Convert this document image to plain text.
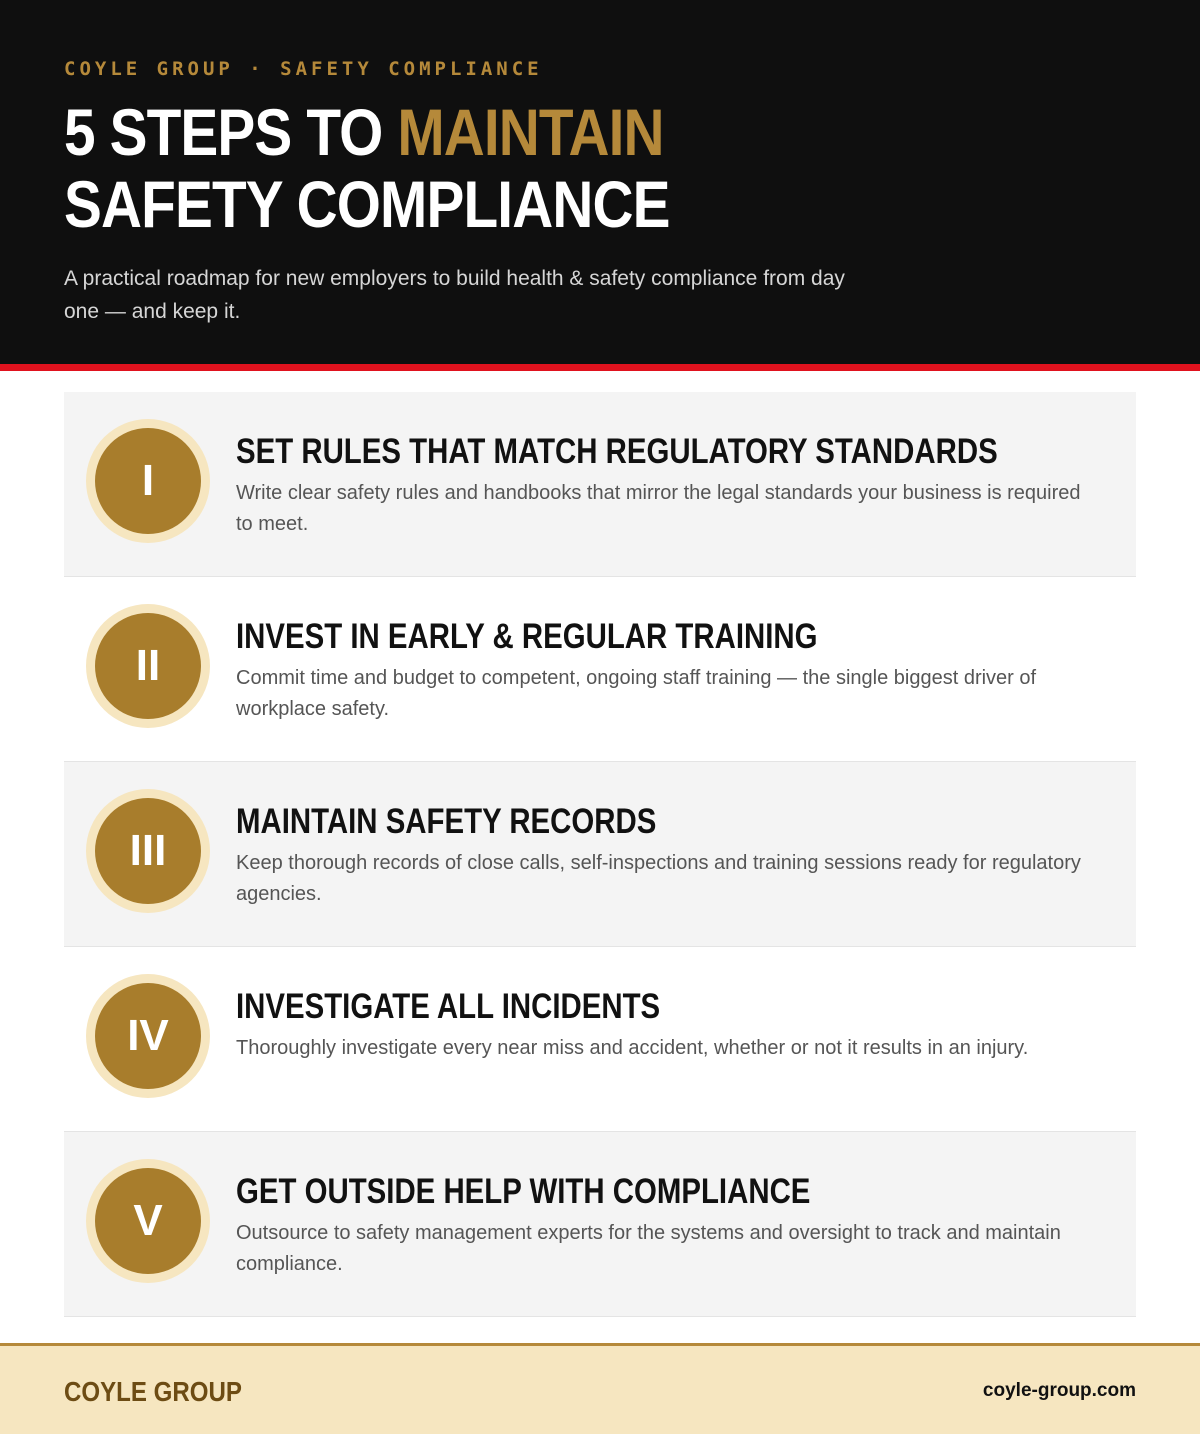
COYLE GROUP · SAFETY COMPLIANCE
5 STEPS TO MAINTAIN
SAFETY COMPLIANCE
A practical roadmap for new employers to build health & safety compliance from day one — and keep it.
I
SET RULES THAT MATCH REGULATORY STANDARDS
Write clear safety rules and handbooks that mirror the legal standards your business is required to meet.
II
INVEST IN EARLY & REGULAR TRAINING
Commit time and budget to competent, ongoing staff training — the single biggest driver of workplace safety.
III
MAINTAIN SAFETY RECORDS
Keep thorough records of close calls, self-inspections and training sessions ready for regulatory agencies.
IV
INVESTIGATE ALL INCIDENTS
Thoroughly investigate every near miss and accident, whether or not it results in an injury.
V
GET OUTSIDE HELP WITH COMPLIANCE
Outsource to safety management experts for the systems and oversight to track and maintain compliance.
COYLE GROUP	coyle-group.com
